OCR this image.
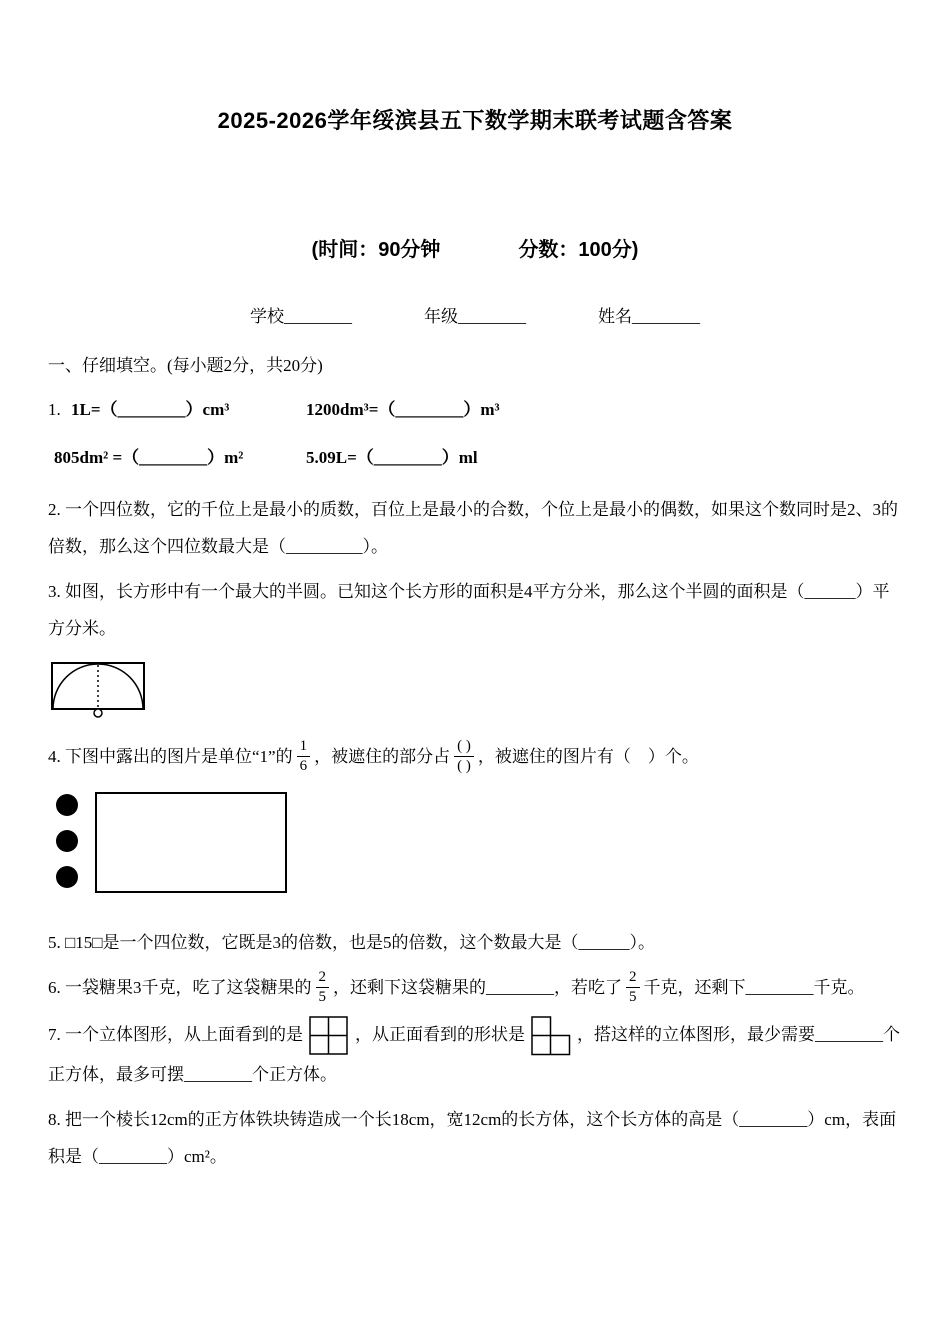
2025-2026学年绥滨县五下数学期末联考试题含答案
(时间：90分钟	分数：100分)
学校________	年级________	姓名________

一、仔细填空。(每小题2分，共20分)

1. 1L=（________）cm³	1200dm³=（________）m³
805dm² =（________）m²	5.09L=（________）ml

2. 一个四位数，它的千位上是最小的质数，百位上是最小的合数，个位上是最小的偶数，如果这个数同时是2、3的倍数，那么这个四位数最大是（_________）。

3. 如图，长方形中有一个最大的半圆。已知这个长方形的面积是4平方分米，那么这个半圆的面积是（______）平方分米。

4. 下图中露出的图片是单位“1”的 $\frac{1}{6}$ ，被遮住的部分占 $\frac{( )}{( )}$ ，被遮住的图片有（　）个。

5. □15□是一个四位数，它既是3的倍数，也是5的倍数，这个数最大是（______）。

6. 一袋糖果3千克，吃了这袋糖果的 $\frac{2}{5}$ ，还剩下这袋糖果的________，若吃了 $\frac{2}{5}$ 千克，还剩下________千克。

7. 一个立体图形，从上面看到的是	，从正面看到的形状是	，搭这样的立体图形，最少需要________个正方体，最多可摆________个正方体。

8. 把一个棱长12cm的正方体铁块铸造成一个长18cm，宽12cm的长方体，这个长方体的高是（________）cm，表面积是（________）cm²。
